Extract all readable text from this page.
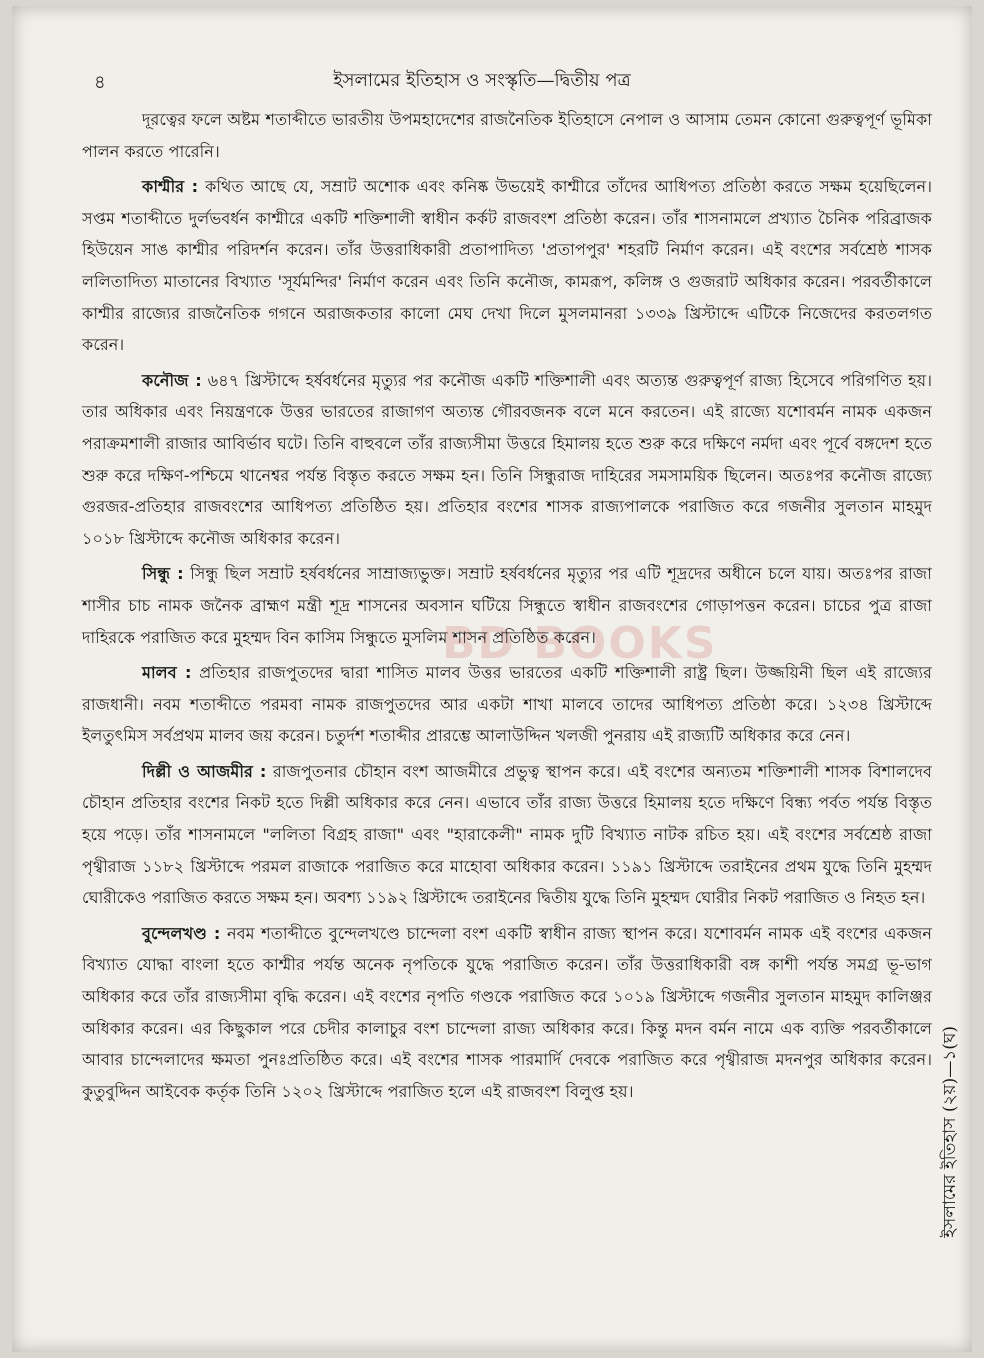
৪	ইসলামের ইতিহাস ও সংস্কৃতি—দ্বিতীয় পত্র
BD BOOKS

দূরত্বের ফলে অষ্টম শতাব্দীতে ভারতীয় উপমহাদেশের রাজনৈতিক ইতিহাসে নেপাল ও আসাম তেমন কোনো গুরুত্বপূর্ণ ভূমিকা পালন করতে পারেনি।

কাশ্মীর : কথিত আছে যে, সম্রাট অশোক এবং কনিষ্ক উভয়েই কাশ্মীরে তাঁদের আধিপত্য প্রতিষ্ঠা করতে সক্ষম হয়েছিলেন। সপ্তম শতাব্দীতে দুর্লভবর্ধন কাশ্মীরে একটি শক্তিশালী স্বাধীন কর্কট রাজবংশ প্রতিষ্ঠা করেন। তাঁর শাসনামলে প্রখ্যাত চৈনিক পরিব্রাজক হিউয়েন সাঙ কাশ্মীর পরিদর্শন করেন। তাঁর উত্তরাধিকারী প্রতাপাদিত্য 'প্রতাপপুর' শহরটি নির্মাণ করেন। এই বংশের সর্বশ্রেষ্ঠ শাসক ললিতাদিত্য মাতানের বিখ্যাত 'সূর্যমন্দির' নির্মাণ করেন এবং তিনি কনৌজ, কামরূপ, কলিঙ্গ ও গুজরাট অধিকার করেন। পরবর্তীকালে কাশ্মীর রাজ্যের রাজনৈতিক গগনে অরাজকতার কালো মেঘ দেখা দিলে মুসলমানরা ১৩৩৯ খ্রিস্টাব্দে এটিকে নিজেদের করতলগত করেন।

কনৌজ : ৬৪৭ খ্রিস্টাব্দে হর্ষবর্ধনের মৃত্যুর পর কনৌজ একটি শক্তিশালী এবং অত্যন্ত গুরুত্বপূর্ণ রাজ্য হিসেবে পরিগণিত হয়। তার অধিকার এবং নিয়ন্ত্রণকে উত্তর ভারতের রাজাগণ অত্যন্ত গৌরবজনক বলে মনে করতেন। এই রাজ্যে যশোবর্মন নামক একজন পরাক্রমশালী রাজার আবির্ভাব ঘটে। তিনি বাহুবলে তাঁর রাজ্যসীমা উত্তরে হিমালয় হতে শুরু করে দক্ষিণে নর্মদা এবং পূর্বে বঙ্গদেশ হতে শুরু করে দক্ষিণ-পশ্চিমে থানেশ্বর পর্যন্ত বিস্তৃত করতে সক্ষম হন। তিনি সিন্ধুরাজ দাহিরের সমসাময়িক ছিলেন। অতঃপর কনৌজ রাজ্যে গুরজর-প্রতিহার রাজবংশের আধিপত্য প্রতিষ্ঠিত হয়। প্রতিহার বংশের শাসক রাজ্যপালকে পরাজিত করে গজনীর সুলতান মাহমুদ ১০১৮ খ্রিস্টাব্দে কনৌজ অধিকার করেন।

সিন্ধু : সিন্ধু ছিল সম্রাট হর্ষবর্ধনের সাম্রাজ্যভুক্ত। সম্রাট হর্ষবর্ধনের মৃত্যুর পর এটি শূদ্রদের অধীনে চলে যায়। অতঃপর রাজা শাসীর চাচ নামক জনৈক ব্রাহ্মণ মন্ত্রী শূদ্র শাসনের অবসান ঘটিয়ে সিন্ধুতে স্বাধীন রাজবংশের গোড়াপত্তন করেন। চাচের পুত্র রাজা দাহিরকে পরাজিত করে মুহম্মদ বিন কাসিম সিন্ধুতে মুসলিম শাসন প্রতিষ্ঠিত করেন।

মালব : প্রতিহার রাজপুতদের দ্বারা শাসিত মালব উত্তর ভারতের একটি শক্তিশালী রাষ্ট্র ছিল। উজ্জয়িনী ছিল এই রাজ্যের রাজধানী। নবম শতাব্দীতে পরমবা নামক রাজপুতদের আর একটা শাখা মালবে তাদের আধিপত্য প্রতিষ্ঠা করে। ১২৩৪ খ্রিস্টাব্দে ইলতুৎমিস সর্বপ্রথম মালব জয় করেন। চতুর্দশ শতাব্দীর প্রারম্ভে আলাউদ্দিন খলজী পুনরায় এই রাজ্যটি অধিকার করে নেন।

দিল্লী ও আজমীর : রাজপুতনার চৌহান বংশ আজমীরে প্রভুত্ব স্থাপন করে। এই বংশের অন্যতম শক্তিশালী শাসক বিশালদেব চৌহান প্রতিহার বংশের নিকট হতে দিল্লী অধিকার করে নেন। এভাবে তাঁর রাজ্য উত্তরে হিমালয় হতে দক্ষিণে বিন্ধ্য পর্বত পর্যন্ত বিস্তৃত হয়ে পড়ে। তাঁর শাসনামলে "ললিতা বিগ্রহ রাজা" এবং "হারাকেলী" নামক দুটি বিখ্যাত নাটক রচিত হয়। এই বংশের সর্বশ্রেষ্ঠ রাজা পৃথ্বীরাজ ১১৮২ খ্রিস্টাব্দে পরমল রাজাকে পরাজিত করে মাহোবা অধিকার করেন। ১১৯১ খ্রিস্টাব্দে তরাইনের প্রথম যুদ্ধে তিনি মুহম্মদ ঘোরীকেও পরাজিত করতে সক্ষম হন। অবশ্য ১১৯২ খ্রিস্টাব্দে তরাইনের দ্বিতীয় যুদ্ধে তিনি মুহম্মদ ঘোরীর নিকট পরাজিত ও নিহত হন।

বুন্দেলখণ্ড : নবম শতাব্দীতে বুন্দেলখণ্ডে চান্দেলা বংশ একটি স্বাধীন রাজ্য স্থাপন করে। যশোবর্মন নামক এই বংশের একজন বিখ্যাত যোদ্ধা বাংলা হতে কাশ্মীর পর্যন্ত অনেক নৃপতিকে যুদ্ধে পরাজিত করেন। তাঁর উত্তরাধিকারী বঙ্গ কাশী পর্যন্ত সমগ্র ভূ-ভাগ অধিকার করে তাঁর রাজ্যসীমা বৃদ্ধি করেন। এই বংশের নৃপতি গণ্ডকে পরাজিত করে ১০১৯ খ্রিস্টাব্দে গজনীর সুলতান মাহমুদ কালিঞ্জর অধিকার করেন। এর কিছুকাল পরে চেদীর কালাচুর বংশ চান্দেলা রাজ্য অধিকার করে। কিন্তু মদন বর্মন নামে এক ব্যক্তি পরবর্তীকালে আবার চান্দেলাদের ক্ষমতা পুনঃপ্রতিষ্ঠিত করে। এই বংশের শাসক পারমার্দি দেবকে পরাজিত করে পৃথ্বীরাজ মদনপুর অধিকার করেন। কুতুবুদ্দিন আইবেক কর্তৃক তিনি ১২০২ খ্রিস্টাব্দে পরাজিত হলে এই রাজবংশ বিলুপ্ত হয়।	ইসলামের ইতিহাস (২য়)—১(ঘ)
